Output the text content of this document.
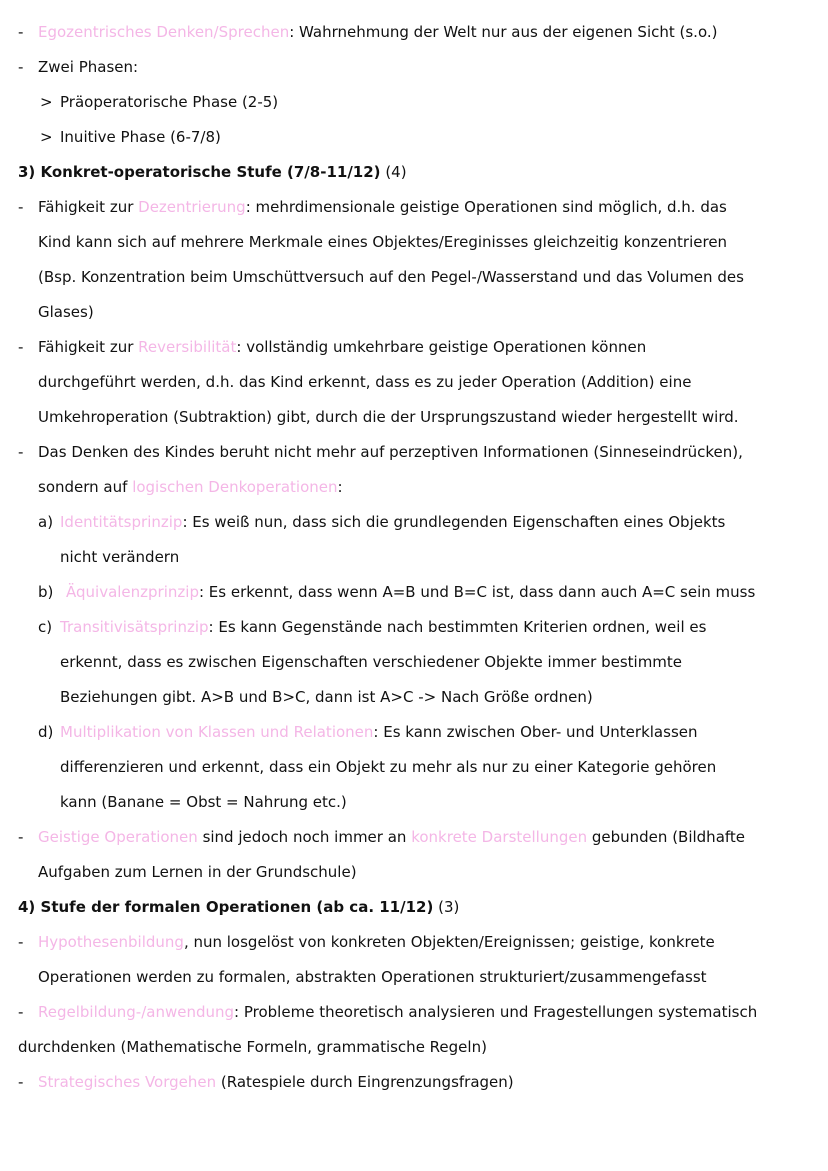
- Egozentrisches Denken/Sprechen: Wahrnehmung der Welt nur aus der eigenen Sicht (s.o.)
- Zwei Phasen:
> Präoperatorische Phase (2-5)
> Inuitive Phase (6-7/8)
3) Konkret-operatorische Stufe (7/8-11/12) (4)
- Fähigkeit zur Dezentrierung: mehrdimensionale geistige Operationen sind möglich, d.h. das
Kind kann sich auf mehrere Merkmale eines Objektes/Ereginisses gleichzeitig konzentrieren
(Bsp. Konzentration beim Umschüttversuch auf den Pegel-/Wasserstand und das Volumen des
Glases)
- Fähigkeit zur Reversibilität: vollständig umkehrbare geistige Operationen können
durchgeführt werden, d.h. das Kind erkennt, dass es zu jeder Operation (Addition) eine
Umkehroperation (Subtraktion) gibt, durch die der Ursprungszustand wieder hergestellt wird.
- Das Denken des Kindes beruht nicht mehr auf perzeptiven Informationen (Sinneseindrücken),
sondern auf logischen Denkoperationen:
a) Identitätsprinzip: Es weiß nun, dass sich die grundlegenden Eigenschaften eines Objekts
nicht verändern
b) Äquivalenzprinzip: Es erkennt, dass wenn A=B und B=C ist, dass dann auch A=C sein muss
c) Transitivisätsprinzip: Es kann Gegenstände nach bestimmten Kriterien ordnen, weil es
erkennt, dass es zwischen Eigenschaften verschiedener Objekte immer bestimmte
Beziehungen gibt. A>B und B>C, dann ist A>C -> Nach Größe ordnen)
d) Multiplikation von Klassen und Relationen: Es kann zwischen Ober- und Unterklassen
differenzieren und erkennt, dass ein Objekt zu mehr als nur zu einer Kategorie gehören
kann (Banane = Obst = Nahrung etc.)
- Geistige Operationen sind jedoch noch immer an konkrete Darstellungen gebunden (Bildhafte
Aufgaben zum Lernen in der Grundschule)
4) Stufe der formalen Operationen (ab ca. 11/12) (3)
- Hypothesenbildung, nun losgelöst von konkreten Objekten/Ereignissen; geistige, konkrete
Operationen werden zu formalen, abstrakten Operationen strukturiert/zusammengefasst
- Regelbildung-/anwendung: Probleme theoretisch analysieren und Fragestellungen systematisch
durchdenken (Mathematische Formeln, grammatische Regeln)
- Strategisches Vorgehen (Ratespiele durch Eingrenzungsfragen)
